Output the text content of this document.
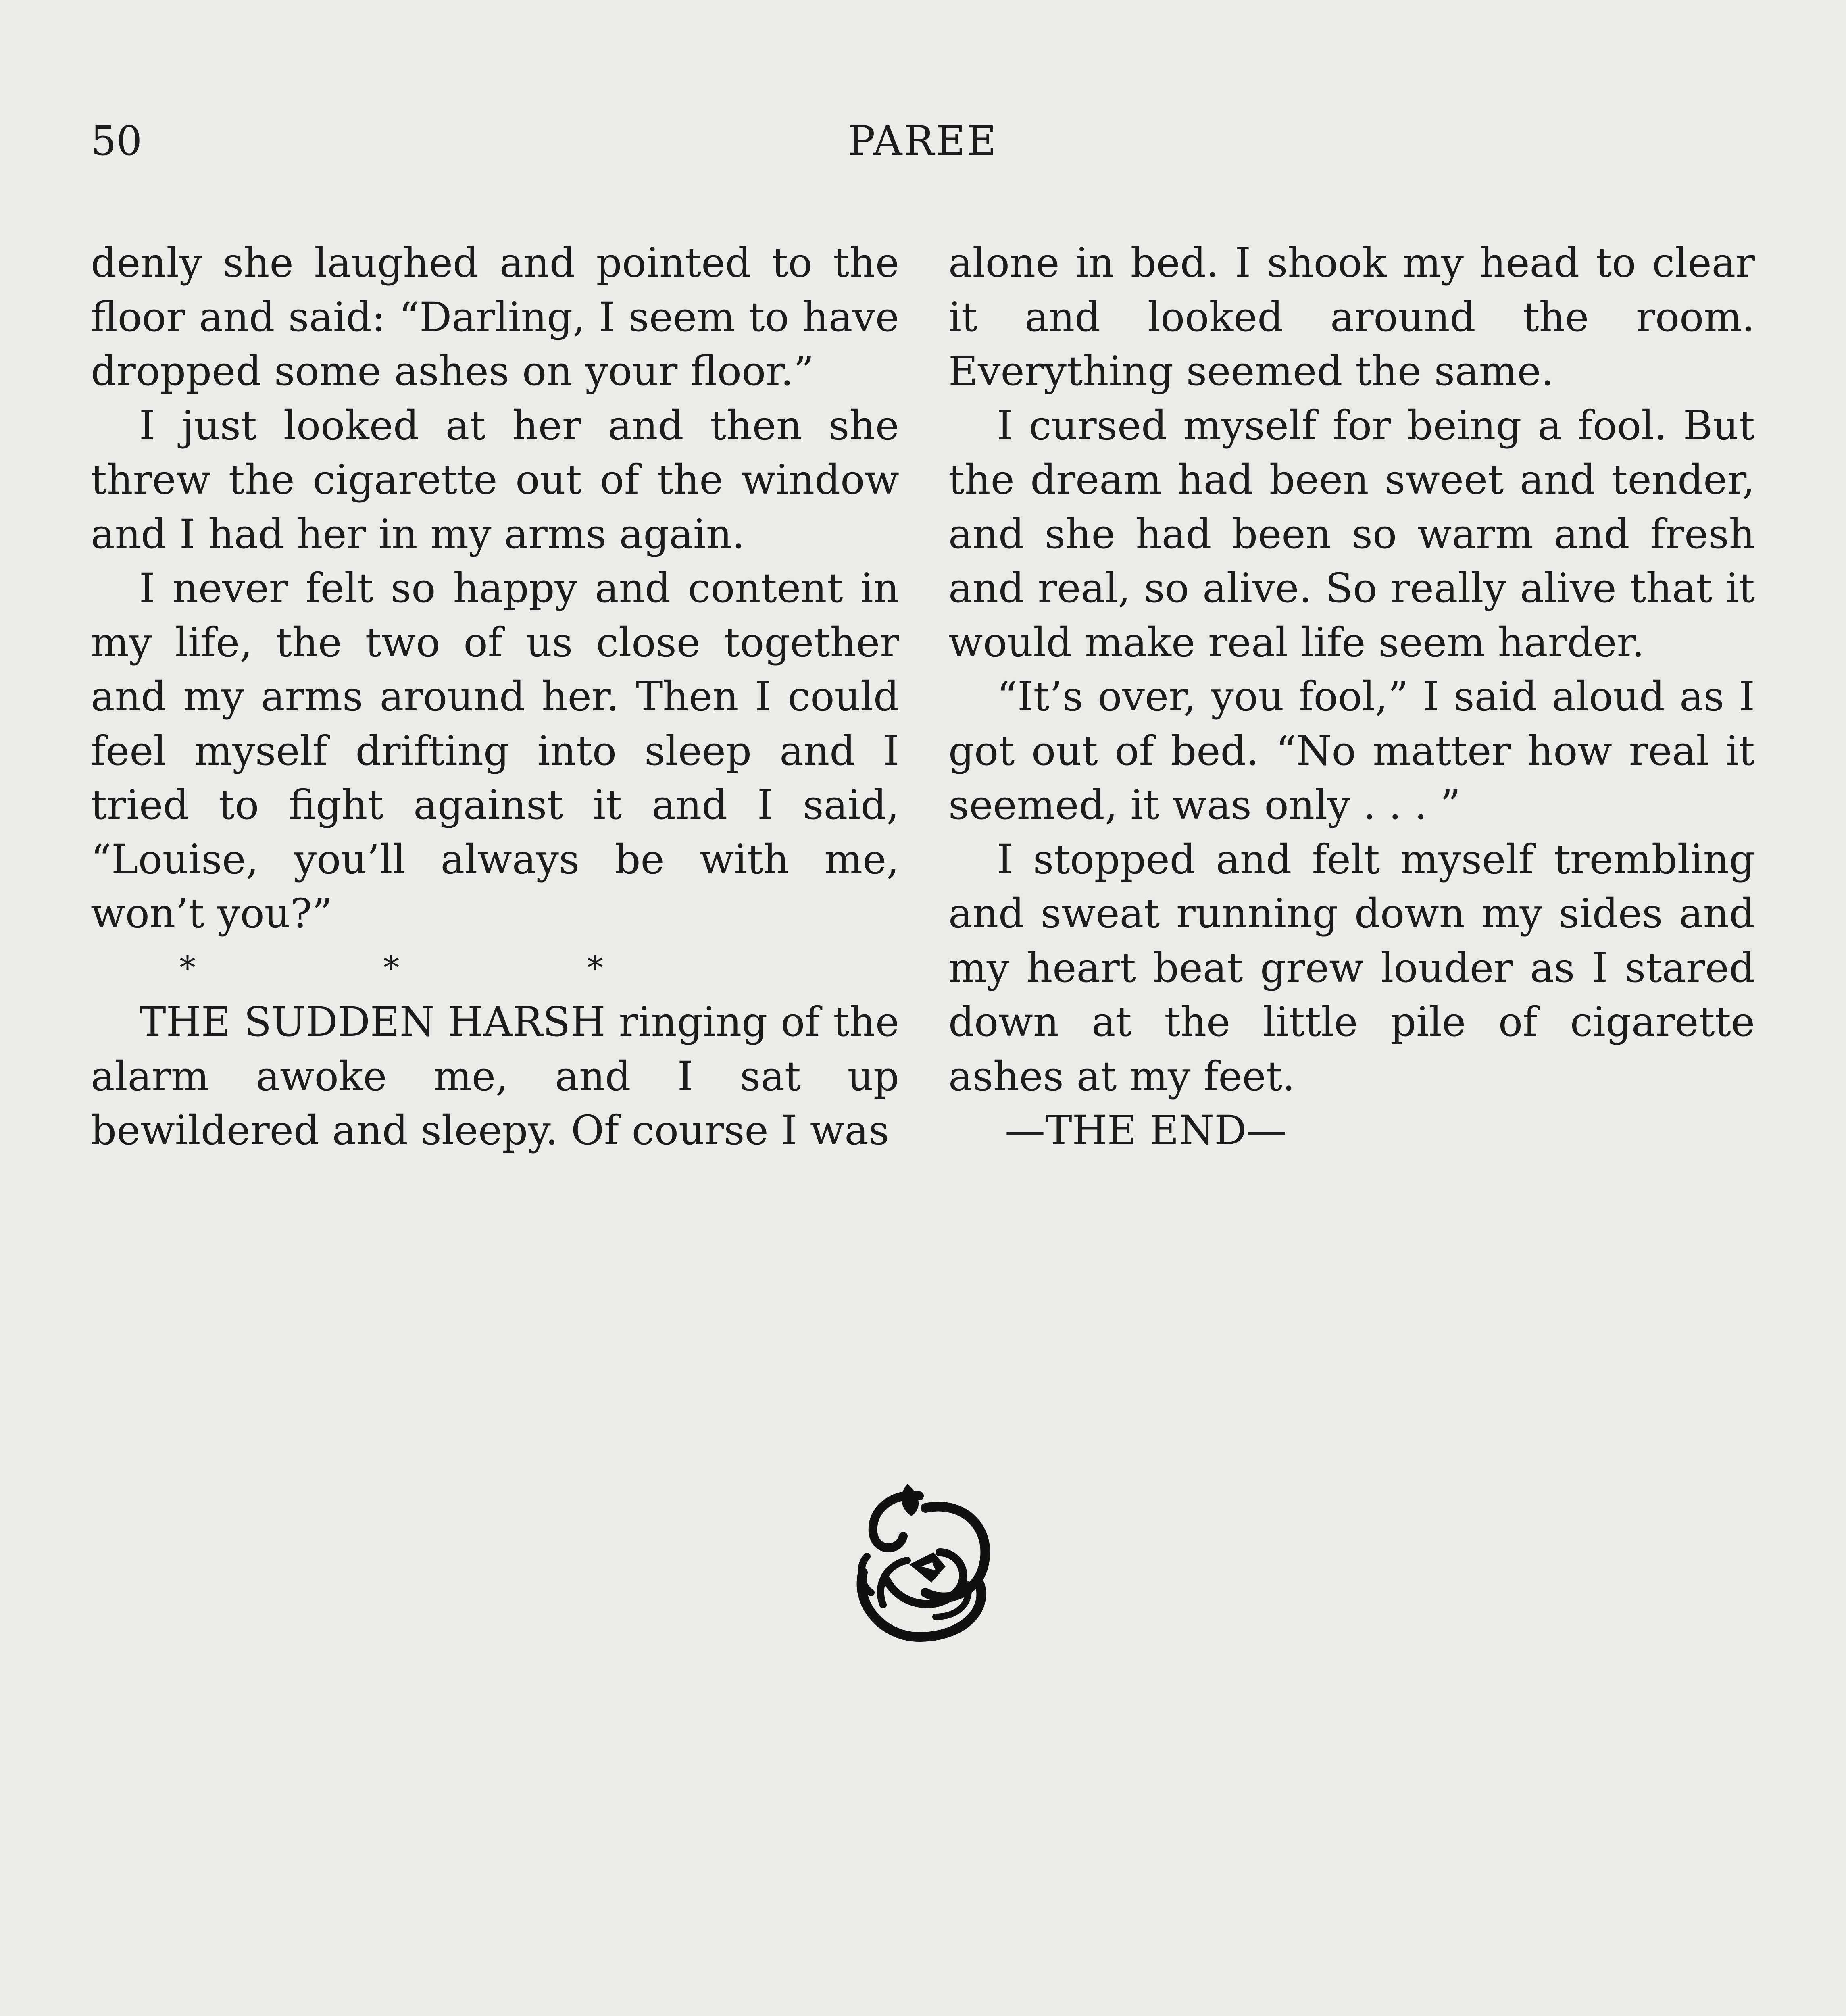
50	PAREE

denly she laughed and pointed to the floor and said: “Darling, I seem to have dropped some ashes on your floor.”

I just looked at her and then she threw the cigarette out of the window and I had her in my arms again.

I never felt so happy and content in my life, the two of us close together and my arms around her. Then I could feel myself drifting into sleep and I tried to fight against it and I said, “Louise, you’ll always be with me, won’t you?”

* * *

THE SUDDEN HARSH ringing of the alarm awoke me, and I sat up bewildered and sleepy. Of course I was

alone in bed. I shook my head to clear it and looked around the room. Everything seemed the same.

I cursed myself for being a fool. But the dream had been sweet and tender, and she had been so warm and fresh and real, so alive. So really alive that it would make real life seem harder.

“It’s over, you fool,” I said aloud as I got out of bed. “No matter how real it seemed, it was only . . . ”

I stopped and felt myself trembling and sweat running down my sides and my heart beat grew louder as I stared down at the little pile of cigarette ashes at my feet.

—THE END—
